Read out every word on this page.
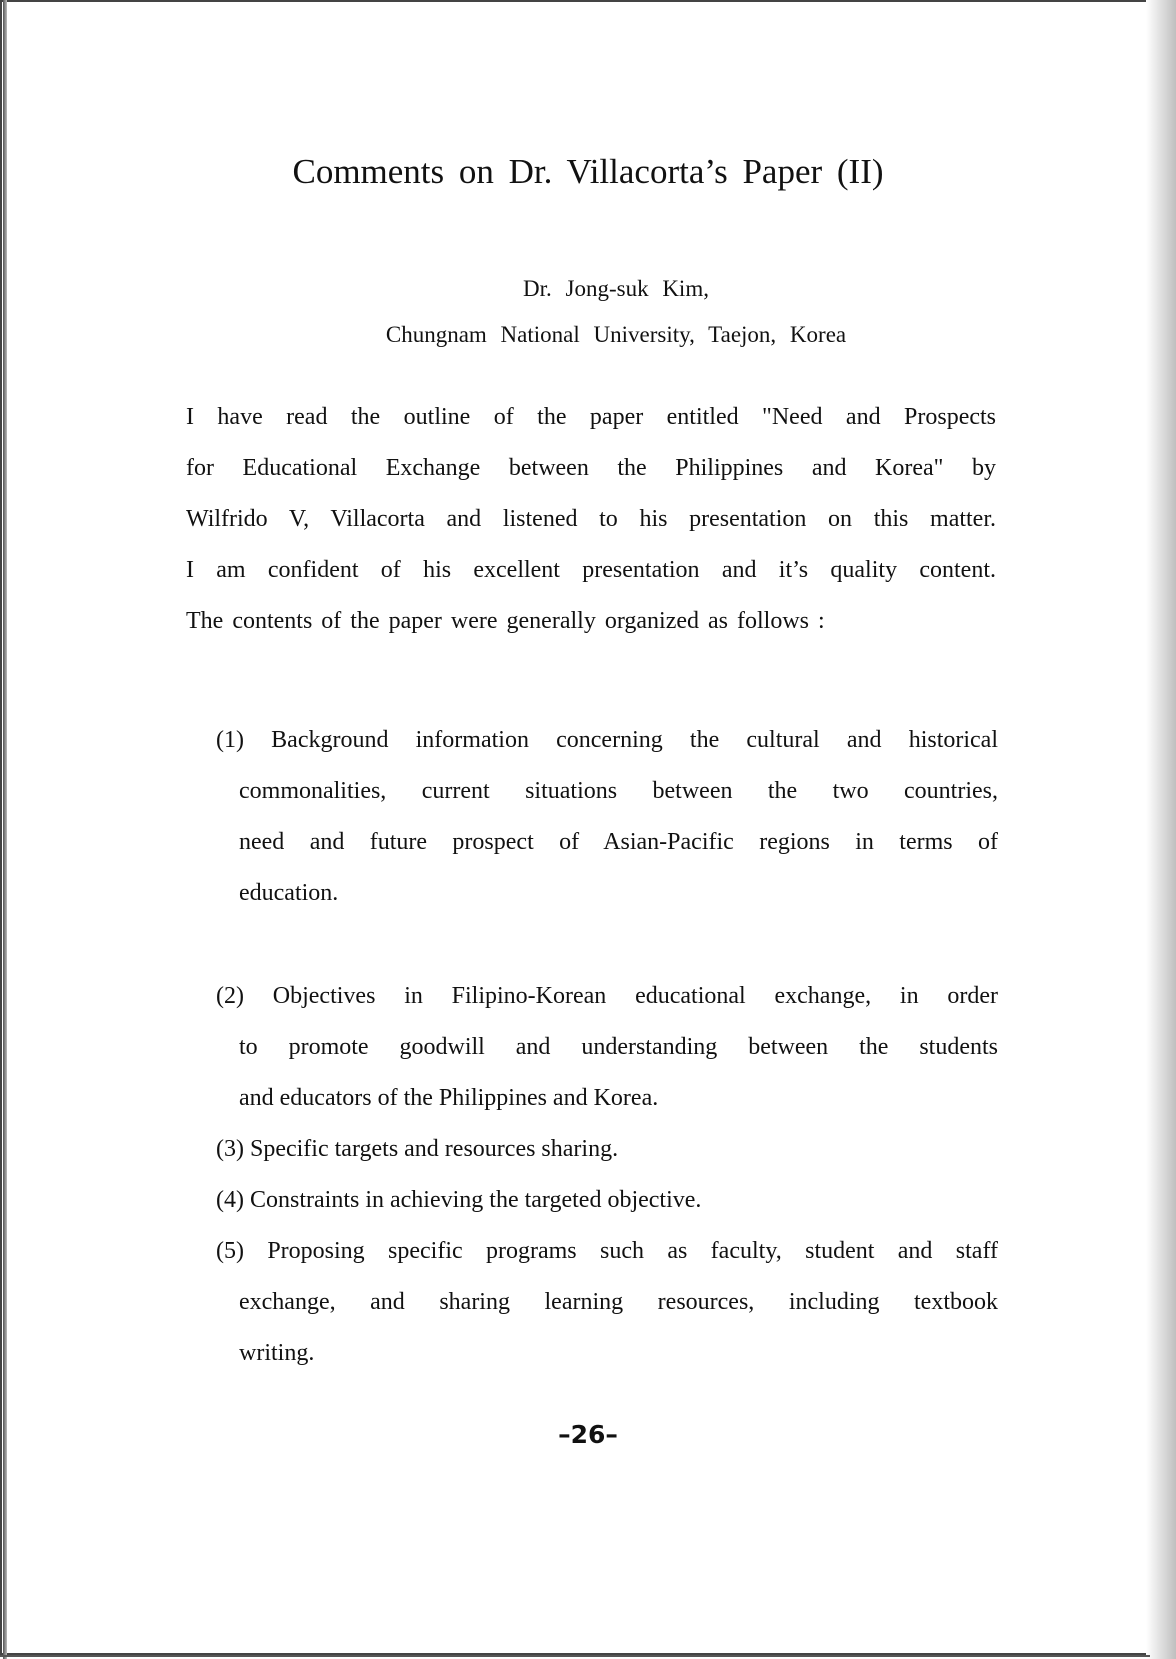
Comments on Dr. Villacorta’s Paper (II)
Dr. Jong-suk Kim,
Chungnam National University, Taejon, Korea
I have read the outline of the paper entitled "Need and Prospects
for Educational Exchange between the Philippines and Korea" by
Wilfrido V, Villacorta and listened to his presentation on this matter.
I am confident of his excellent presentation and it’s quality content.
The contents of the paper were generally organized as follows :
(1) Background information concerning the cultural and historical
commonalities, current situations between the two countries,
need and future prospect of Asian-Pacific regions in terms of
education.
(2) Objectives in Filipino-Korean educational exchange, in order
to promote goodwill and understanding between the students
and educators of the Philippines and Korea.
(3) Specific targets and resources sharing.
(4) Constraints in achieving the targeted objective.
(5) Proposing specific programs such as faculty, student and staff
exchange, and sharing learning resources, including textbook
writing.
–26–
